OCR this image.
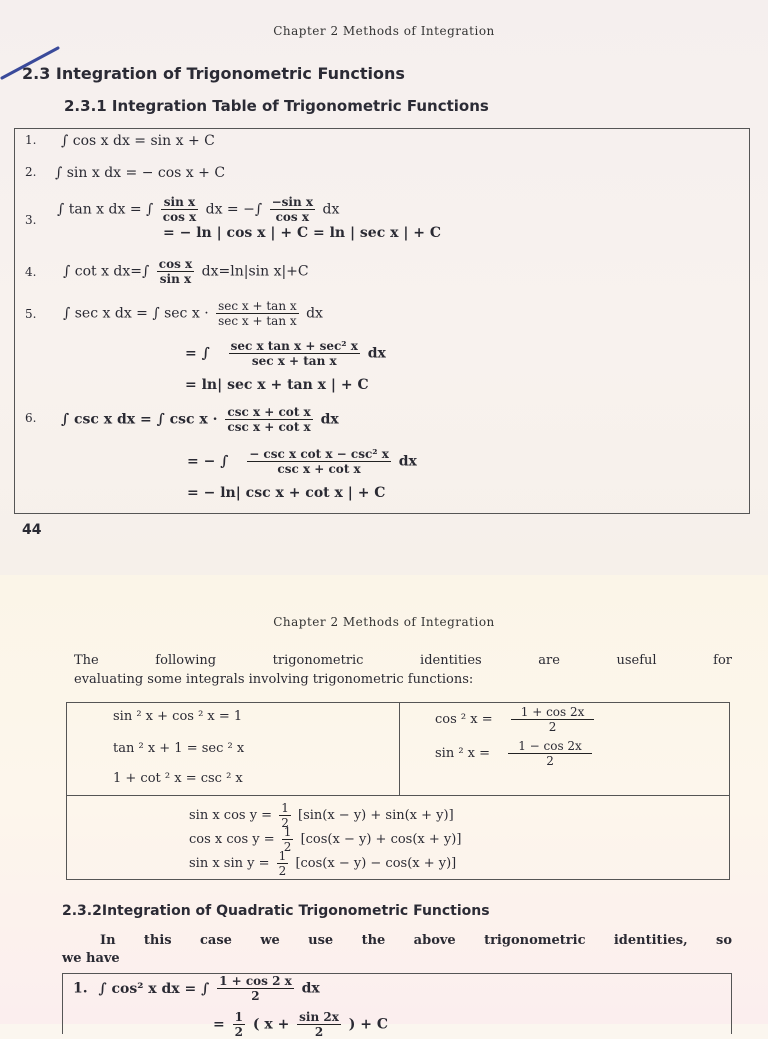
Chapter 2 Methods of Integration
2.3 Integration of Trigonometric Functions
2.3.1 Integration Table of Trigonometric Functions
1. ∫ cos x dx = sin x + C
2. ∫ sin x dx = − cos x + C
3.
∫ tan x dx = ∫ $\frac{\text{sin x}}{\text{cos x}}$ dx = −∫ $\frac{\text{−sin x}}{\text{cos x}}$ dx
= − ln | cos x | + C = ln | sec x | + C
4. ∫ cot x $dx=\int \frac{\text{cos x}}{\text{sin x}} dx=\ln|\sin$ x|+C
5. ∫ sec x dx = ∫ $\sec x \cdot \frac{\text{sec x + tan x}}{\text{sec x + tan x}}$ dx
= ∫ $\frac{\text{sec x tan x + sec² x}}{\text{sec x + tan x}}$ dx
= ln| sec x + tan x | + C
6. ∫ csc x dx = ∫ $\csc x \cdot \frac{\text{csc x + cot x}}{\text{csc x + cot x}}$ dx
= − ∫ $\frac{\text{− csc x cot x − csc² x}}{\text{csc x + cot x}}$ dx
= − ln| csc x + cot x | + C
44
Chapter 2 Methods of Integration
The following trigonometric identities are useful for
evaluating some integrals involving trigonometric functions:
sin ² x + cos ² x = 1
tan ² x + 1 = sec ² x
1 + cot ² x = csc ² x
cos ² $x = \frac{1 + \cos 2x}{2}$
sin ² $x = \frac{1 - \cos 2x}{2}$
sin x $\cos y = \frac{1}{2} [\sin(x - y) + \sin(x + y)]$
cos x $\cos y = \frac{1}{2} [\cos(x - y) + \cos(x + y)]$
sin x $\sin y = \frac{1}{2} [\cos(x - y) - \cos(x + y)]$
2.3.2Integration of Quadratic Trigonometric Functions
In this case we use the above trigonometric identities, so
we have
1. ∫ cos² x dx = ∫ $\frac{1 + \cos 2 x}{2}$ dx
= $\frac{1}{2}$ ( $x + \frac{\sin 2x}{2}$ ) + C
